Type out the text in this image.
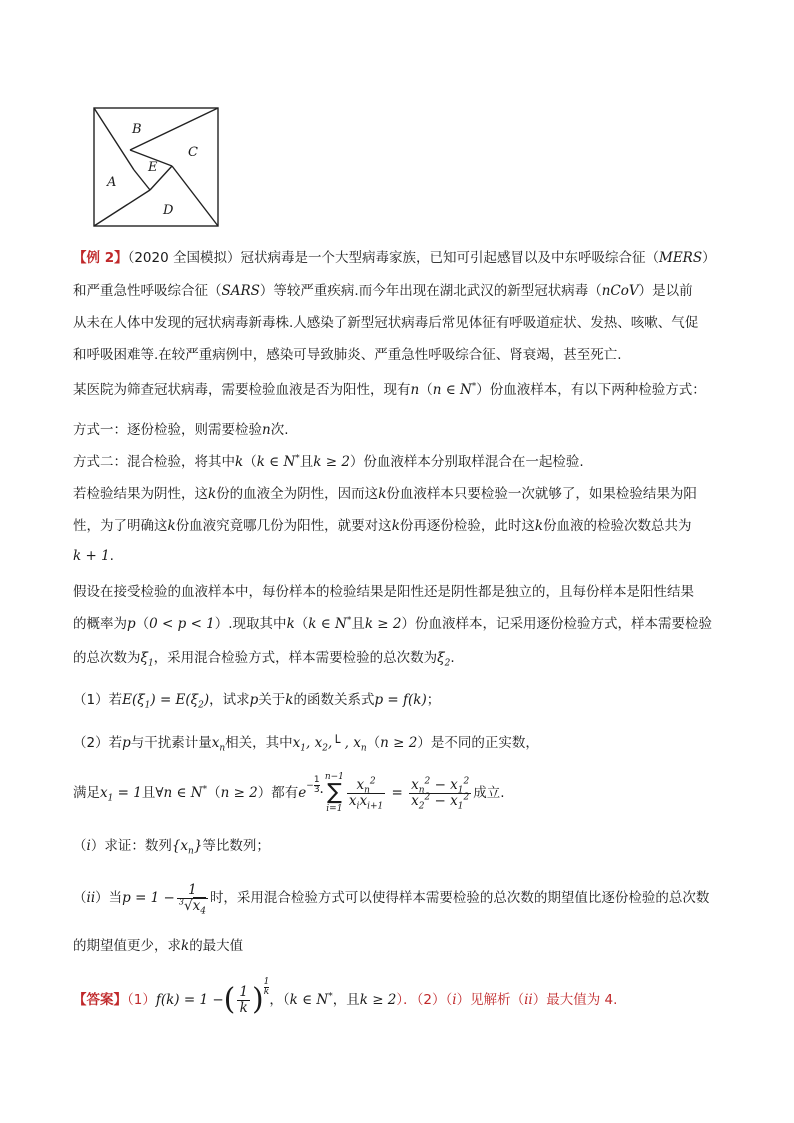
B
C
E
A
D
【例 2】（2020 全国模拟）冠状病毒是一个大型病毒家族，已知可引起感冒以及中东呼吸综合征（MERS）
和严重急性呼吸综合征（SARS）等较严重疾病.而今年出现在湖北武汉的新型冠状病毒（nCoV）是以前
从未在人体中发现的冠状病毒新毒株.人感染了新型冠状病毒后常见体征有呼吸道症状、发热、咳嗽、气促
和呼吸困难等.在较严重病例中，感染可导致肺炎、严重急性呼吸综合征、肾衰竭，甚至死亡.
某医院为筛查冠状病毒，需要检验血液是否为阳性，现有n（n ∈ N*）份血液样本，有以下两种检验方式：
方式一：逐份检验，则需要检验n次.
方式二：混合检验，将其中k（k ∈ N*且k ≥ 2）份血液样本分别取样混合在一起检验.
若检验结果为阴性，这k份的血液全为阴性，因而这k份血液样本只要检验一次就够了，如果检验结果为阳
性，为了明确这k份血液究竟哪几份为阳性，就要对这k份再逐份检验，此时这k份血液的检验次数总共为
k + 1.
假设在接受检验的血液样本中，每份样本的检验结果是阳性还是阴性都是独立的，且每份样本是阳性结果
的概率为p（0 < p < 1）.现取其中k（k ∈ N*且k ≥ 2）份血液样本，记采用逐份检验方式，样本需要检验
的总次数为$\xi_1$，采用混合检验方式，样本需要检验的总次数为$\xi_2$.
（1）若$E(\xi_1) = E(\xi_2)$，试求p关于k的函数关系式p = f(k)；
（2）若p与干扰素计量$x_n$相关，其中$x_1$, $x_2,└$ , $x_n(n \ge 2)$是不同的正实数，
满足$x_1 = 1$且∀n ∈ N*（n ≥ 2）都有$e- \frac{1}{3}$ ·
n−1
∑
i=1
$\frac{x_n^2}{x_ix_{i+1}} = \frac{x_n^2 - x_1^2}{x_2^2 - x_1^2}$ 成立.
（i）求证：数列$\{x_n\}$等比数列；
（ii）当$p = 1 - \frac{1}{^3√x_4}$ 时，采用混合检验方式可以使得样本需要检验的总次数的期望值比逐份检验的总次数
的期望值更少，求k的最大值
【答案】（1）f(k) = 1 −( $\frac{1}{k}$ ) $\frac{1}{k}$
，（k ∈ N*，且k ≥ 2）．（2）（i）见解析（ii）最大值为 4.
